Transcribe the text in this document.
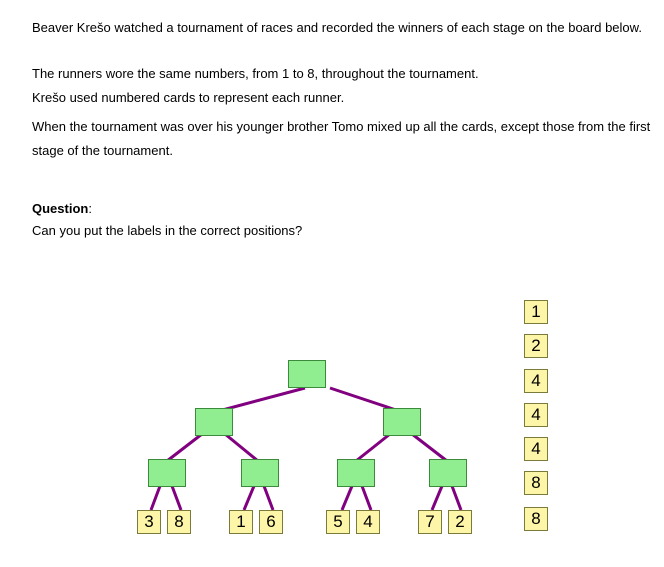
Beaver Krešo watched a tournament of races and recorded the winners of each stage on the board below.
The runners wore the same numbers, from 1 to 8, throughout the tournament.
Krešo used numbered cards to represent each runner.
When the tournament was over his younger brother Tomo mixed up all the cards, except those from the first stage of the tournament.
Question:
Can you put the labels in the correct positions?
3	8	1	6	5	4	7	2
1
2
4
4
4
8
8
